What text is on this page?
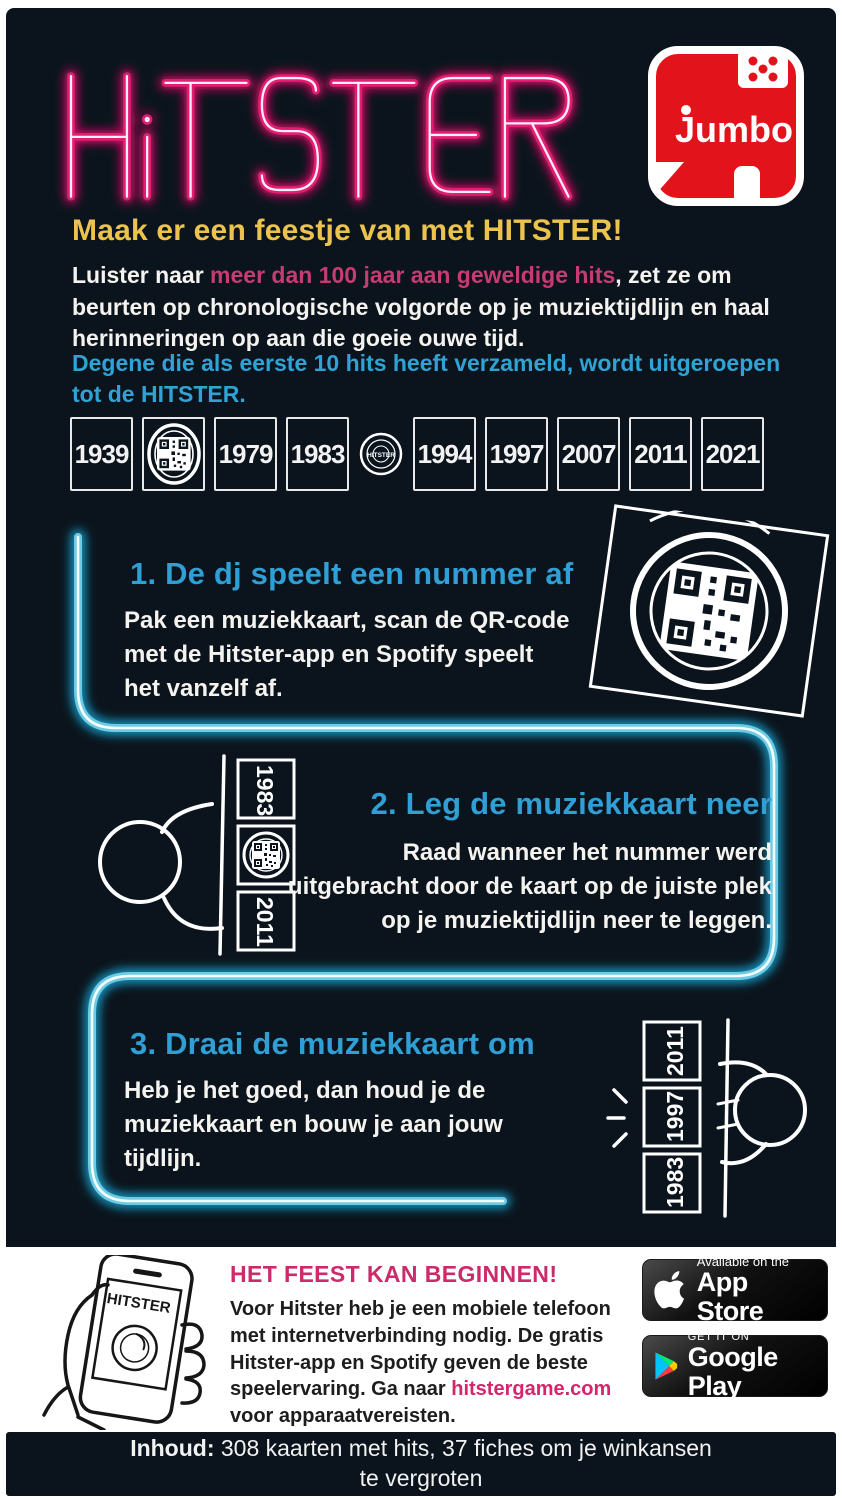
Jumbo
Maak er een feestje van met HITSTER!
Luister naar meer dan 100 jaar aan geweldige hits, zet ze om beurten op chronologische volgorde op je muziektijdlijn en haal herinneringen op aan die goeie ouwe tijd.
Degene die als eerste 10 hits heeft verzameld, wordt uitgeroepen tot de HITSTER.
1939	1979 1983	HITSTER 1994 1997 2007 2011 2021
1. De dj speelt een nummer af
Pak een muziekkaart, scan de QR-code met de Hitster-app en Spotify speelt het vanzelf af.
1983
2011
2. Leg de muziekkaart neer
Raad wanneer het nummer werd uitgebracht door de kaart op de juiste plek op je muziektijdlijn neer te leggen.
3. Draai de muziekkaart om
Heb je het goed, dan houd je de muziekkaart en bouw je aan jouw tijdlijn.
2011
1997
1983
HITSTER

HET FEEST KAN BEGINNEN!

Voor Hitster heb je een mobiele telefoon met internetverbinding nodig. De gratis Hitster-app en Spotify geven de beste speelervaring. Ga naar hitstergame.com voor apparaatvereisten.

Available on the
App Store
GET IT ON
Google Play
Inhoud: 308 kaarten met hits, 37 fiches om je winkansen te vergroten
